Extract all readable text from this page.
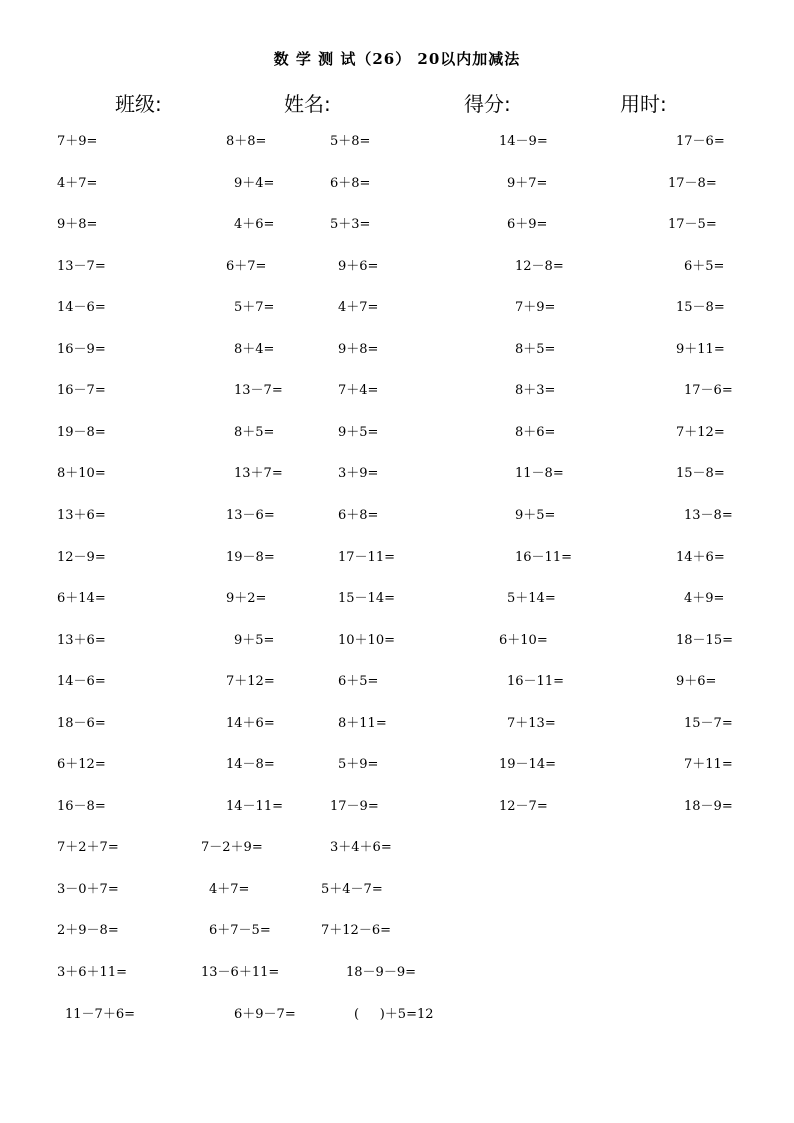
数 学 测 试（26） 20以内加减法
班级:	姓名:	得分:	用时:
7＋9=	8＋8=	5＋8=	14－9=	17－6=
4＋7=	9＋4=	6＋8=	9＋7=	17－8=
9＋8=	4＋6=	5＋3=	6＋9=	17－5=
13－7=	6＋7=	9＋6=	12－8=	6＋5=
14－6=	5＋7=	4＋7=	7＋9=	15－8=
16－9=	8＋4=	9＋8=	8＋5=	9＋11=
16－7=	13－7=	7＋4=	8＋3=	17－6=
19－8=	8＋5=	9＋5=	8＋6=	7＋12=
8＋10=	13＋7=	3＋9=	11－8=	15－8=
13＋6=	13－6=	6＋8=	9＋5=	13－8=
12－9=	19－8=	17－11=	16－11=	14＋6=
6＋14=	9＋2=	15－14=	5＋14=	4＋9=
13＋6=	9＋5=	10＋10=	6＋10=	18－15=
14－6=	7＋12=	6＋5=	16－11=	9＋6=
18－6=	14＋6=	8＋11=	7＋13=	15－7=
6＋12=	14－8=	5＋9=	19－14=	7＋11=
16－8=	14－11=	17－9=	12－7=	18－9=
7＋2＋7=	7－2＋9=	3＋4＋6=
3－0＋7=	4＋7=	5＋4－7=
2＋9－8=	6＋7－5=	7＋12－6=
3＋6＋11=	13－6＋11=	18－9－9=
11－7＋6=	6＋9－7=	(     )＋5=12
